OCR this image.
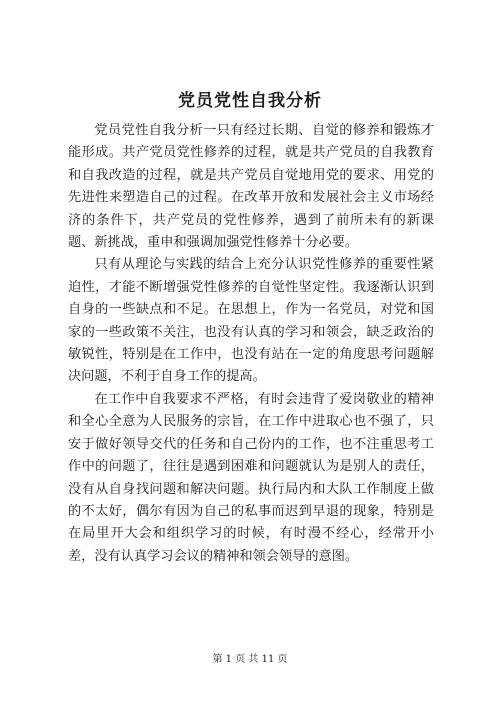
党员党性自我分析

党员党性自我分析一只有经过长期、自觉的修养和锻炼才能形成。共产党员党性修养的过程，就是共产党员的自我教育和自我改造的过程，就是共产党员自觉地用党的要求、用党的先进性来塑造自己的过程。在改革开放和发展社会主义市场经济的条件下，共产党员的党性修养，遇到了前所未有的新课题、新挑战，重申和强调加强党性修养十分必要。

只有从理论与实践的结合上充分认识党性修养的重要性紧迫性，才能不断增强党性修养的自觉性坚定性。我逐渐认识到自身的一些缺点和不足。在思想上，作为一名党员，对党和国家的一些政策不关注，也没有认真的学习和领会，缺乏政治的敏锐性，特别是在工作中，也没有站在一定的角度思考问题解决问题，不利于自身工作的提高。

在工作中自我要求不严格，有时会违背了爱岗敬业的精神和全心全意为人民服务的宗旨，在工作中进取心也不强了，只安于做好领导交代的任务和自己份内的工作，也不注重思考工作中的问题了，往往是遇到困难和问题就认为是别人的责任，没有从自身找问题和解决问题。执行局内和大队工作制度上做的不太好，偶尔有因为自己的私事而迟到早退的现象，特别是在局里开大会和组织学习的时候，有时漫不经心，经常开小差，没有认真学习会议的精神和领会领导的意图。

第 1 页 共 11 页
